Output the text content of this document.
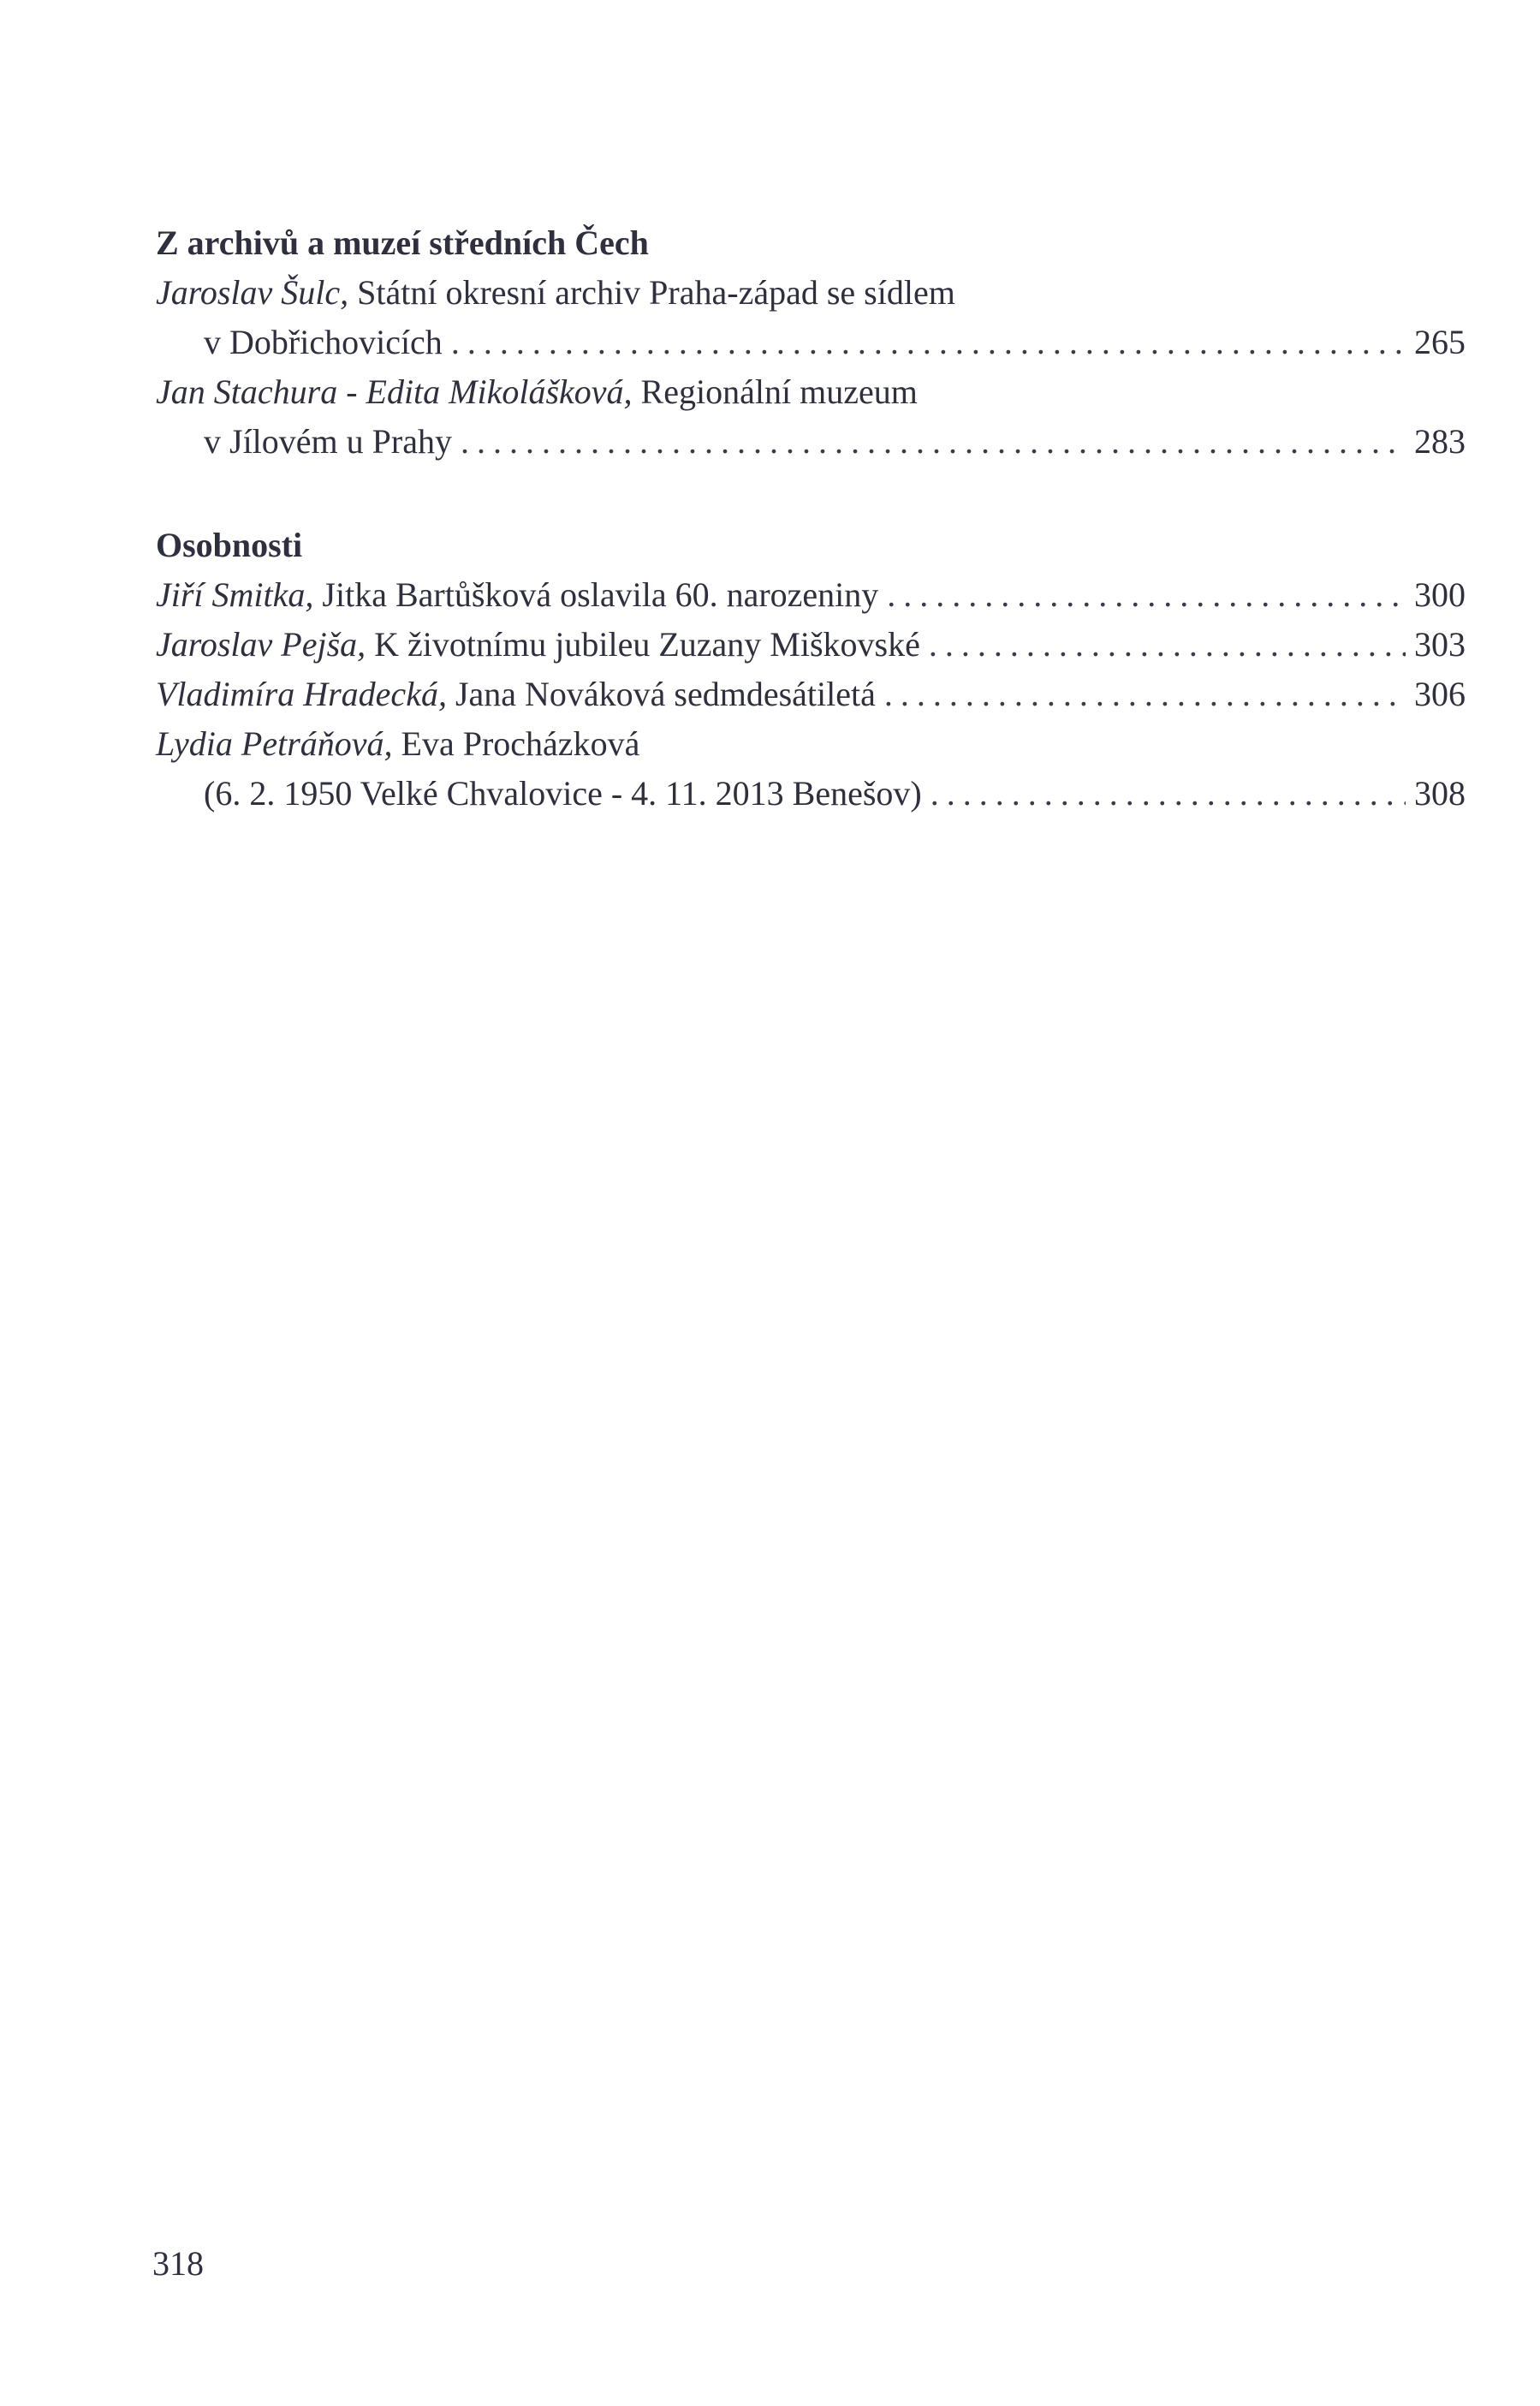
Z archivů a muzeí středních Čech
Jaroslav Šulc, Státní okresní archiv Praha-západ se sídlem
v Dobřichovicích . . .	265
Jan Stachura - Edita Mikolášková, Regionální muzeum
v Jílovém u Prahy . . .	283
Osobnosti
Jiří Smitka, Jitka Bartůšková oslavila 60. narozeniny . . .	300
Jaroslav Pejša, K životnímu jubileu Zuzany Miškovské . . .	303
Vladimíra Hradecká, Jana Nováková sedmdesátiletá . . .	306
Lydia Petráňová, Eva Procházková
(6. 2. 1950 Velké Chvalovice - 4. 11. 2013 Benešov) . . .	308
318
